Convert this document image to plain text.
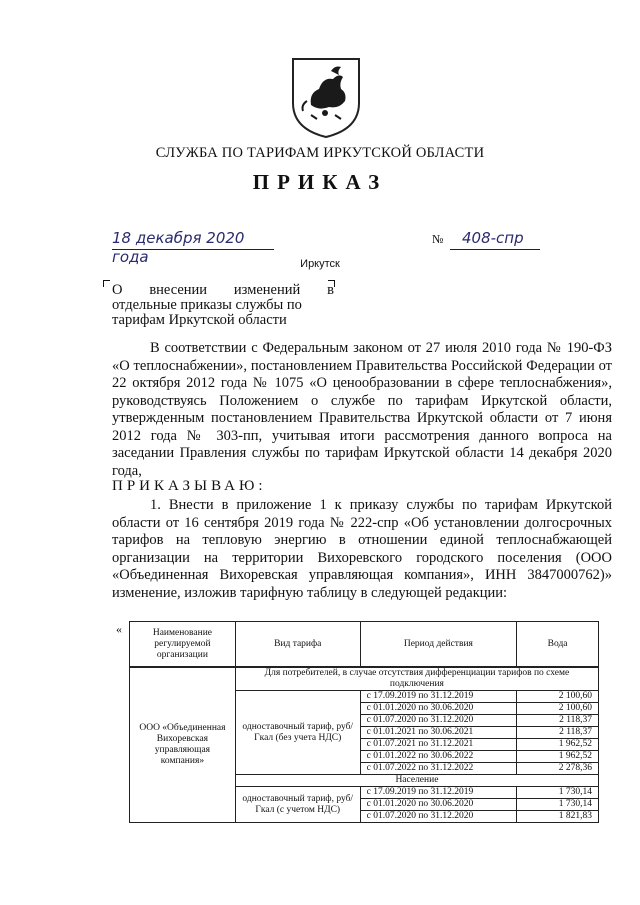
СЛУЖБА ПО ТАРИФАМ ИРКУТСКОЙ ОБЛАСТИ
ПРИКАЗ
18 декабря 2020 года
№	408-спр
Иркутск
О внесении изменений в
отдельные приказы службы по
тарифам Иркутской области

В соответствии с Федеральным законом от 27 июля 2010 года № 190-ФЗ «О теплоснабжении», постановлением Правительства Российской Федерации от 22 октября 2012 года № 1075 «О ценообразовании в сфере теплоснабжения», руководствуясь Положением о службе по тарифам Иркутской области, утвержденным постановлением Правительства Иркутской области от 7 июня 2012 года № 303-пп, учитывая итоги рассмотрения данного вопроса на заседании Правления службы по тарифам Иркутской области 14 декабря 2020 года,

ПРИКАЗЫВАЮ:

1. Внести в приложение 1 к приказу службы по тарифам Иркутской области от 16 сентября 2019 года № 222-спр «Об установлении долгосрочных тарифов на тепловую энергию в отношении единой теплоснабжающей организации на территории Вихоревского городского поселения (ООО «Объединенная Вихоревская управляющая компания», ИНН 3847000762)» изменение, изложив тарифную таблицу в следующей редакции:

«	Наименование регулируемой организации	Вид тарифа	Период действия	Вода
ООО «Объединенная Вихоревская управляющая компания»	Для потребителей, в случае отсутствия дифференциации тарифов по схеме подключения		
	одноставочный тариф, руб/Гкал (без учета НДС)	с 17.09.2019 по 31.12.2019	2 100,60
		с 01.01.2020 по 30.06.2020	2 100,60
		с 01.07.2020 по 31.12.2020	2 118,37
		с 01.01.2021 по 30.06.2021	2 118,37
		с 01.07.2021 по 31.12.2021	1 962,52
		с 01.01.2022 по 30.06.2022	1 962,52
		с 01.07.2022 по 31.12.2022	2 278,36
	Население		
	одноставочный тариф, руб/Гкал (с учетом НДС)	с 17.09.2019 по 31.12.2019	1 730,14
		с 01.01.2020 по 30.06.2020	1 730,14
		с 01.07.2020 по 31.12.2020	1 821,83
